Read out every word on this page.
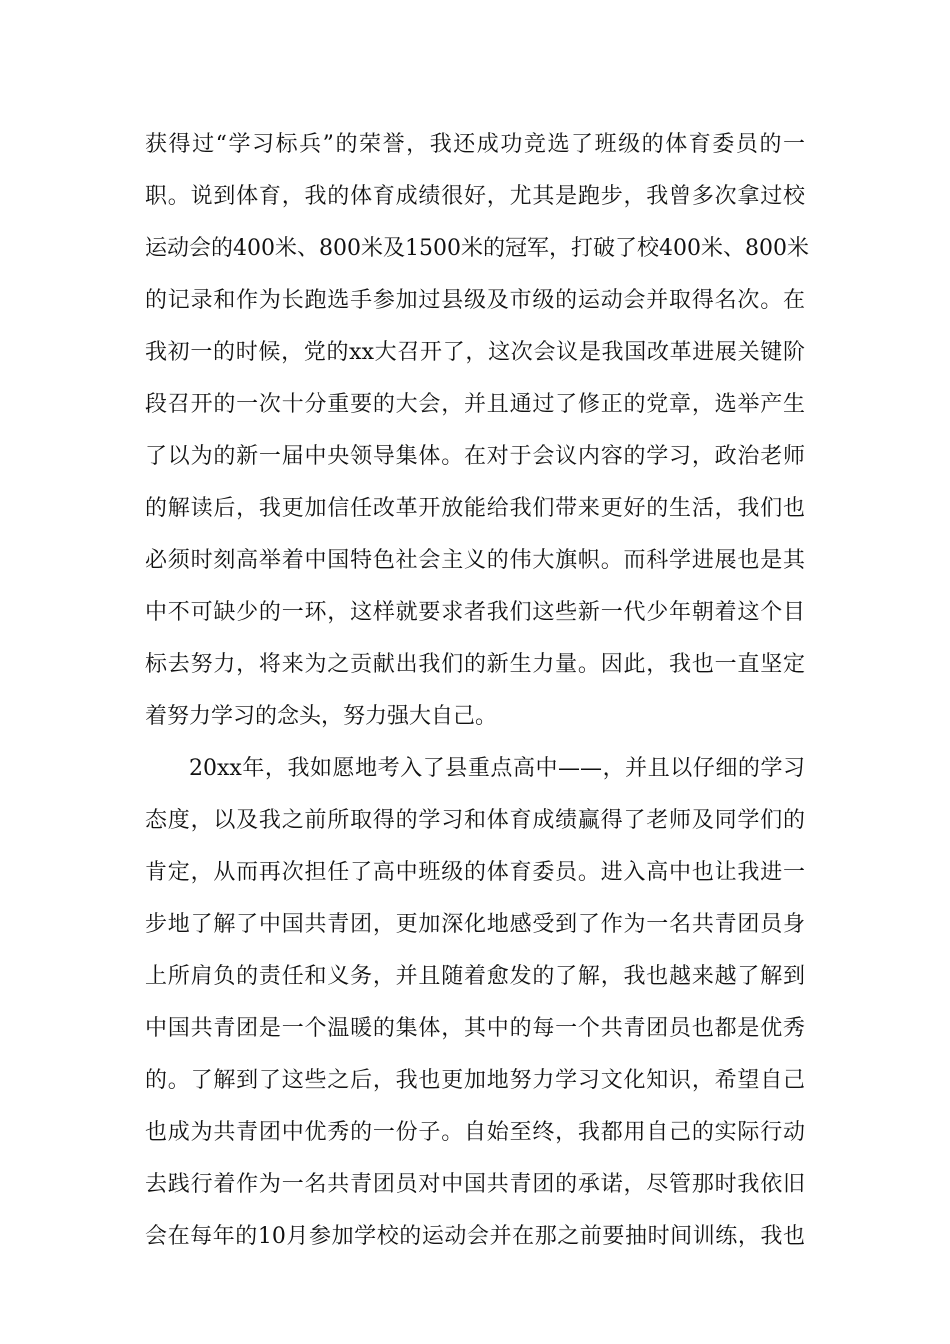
获得过“学习标兵”的荣誉，我还成功竞选了班级的体育委员的一
职。说到体育，我的体育成绩很好，尤其是跑步，我曾多次拿过校
运动会的400米、800米及1500米的冠军，打破了校400米、800米
的记录和作为长跑选手参加过县级及市级的运动会并取得名次。在
我初一的时候，党的xx大召开了，这次会议是我国改革进展关键阶
段召开的一次十分重要的大会，并且通过了修正的党章，选举产生
了以为的新一届中央领导集体。在对于会议内容的学习，政治老师
的解读后，我更加信任改革开放能给我们带来更好的生活，我们也
必须时刻高举着中国特色社会主义的伟大旗帜。而科学进展也是其
中不可缺少的一环，这样就要求者我们这些新一代少年朝着这个目
标去努力，将来为之贡献出我们的新生力量。因此，我也一直坚定
着努力学习的念头，努力强大自己。
20xx年，我如愿地考入了县重点高中——，并且以仔细的学习
态度，以及我之前所取得的学习和体育成绩赢得了老师及同学们的
肯定，从而再次担任了高中班级的体育委员。进入高中也让我进一
步地了解了中国共青团，更加深化地感受到了作为一名共青团员身
上所肩负的责任和义务，并且随着愈发的了解，我也越来越了解到
中国共青团是一个温暖的集体，其中的每一个共青团员也都是优秀
的。了解到了这些之后，我也更加地努力学习文化知识，希望自己
也成为共青团中优秀的一份子。自始至终，我都用自己的实际行动
去践行着作为一名共青团员对中国共青团的承诺，尽管那时我依旧
会在每年的10月参加学校的运动会并在那之前要抽时间训练，我也
